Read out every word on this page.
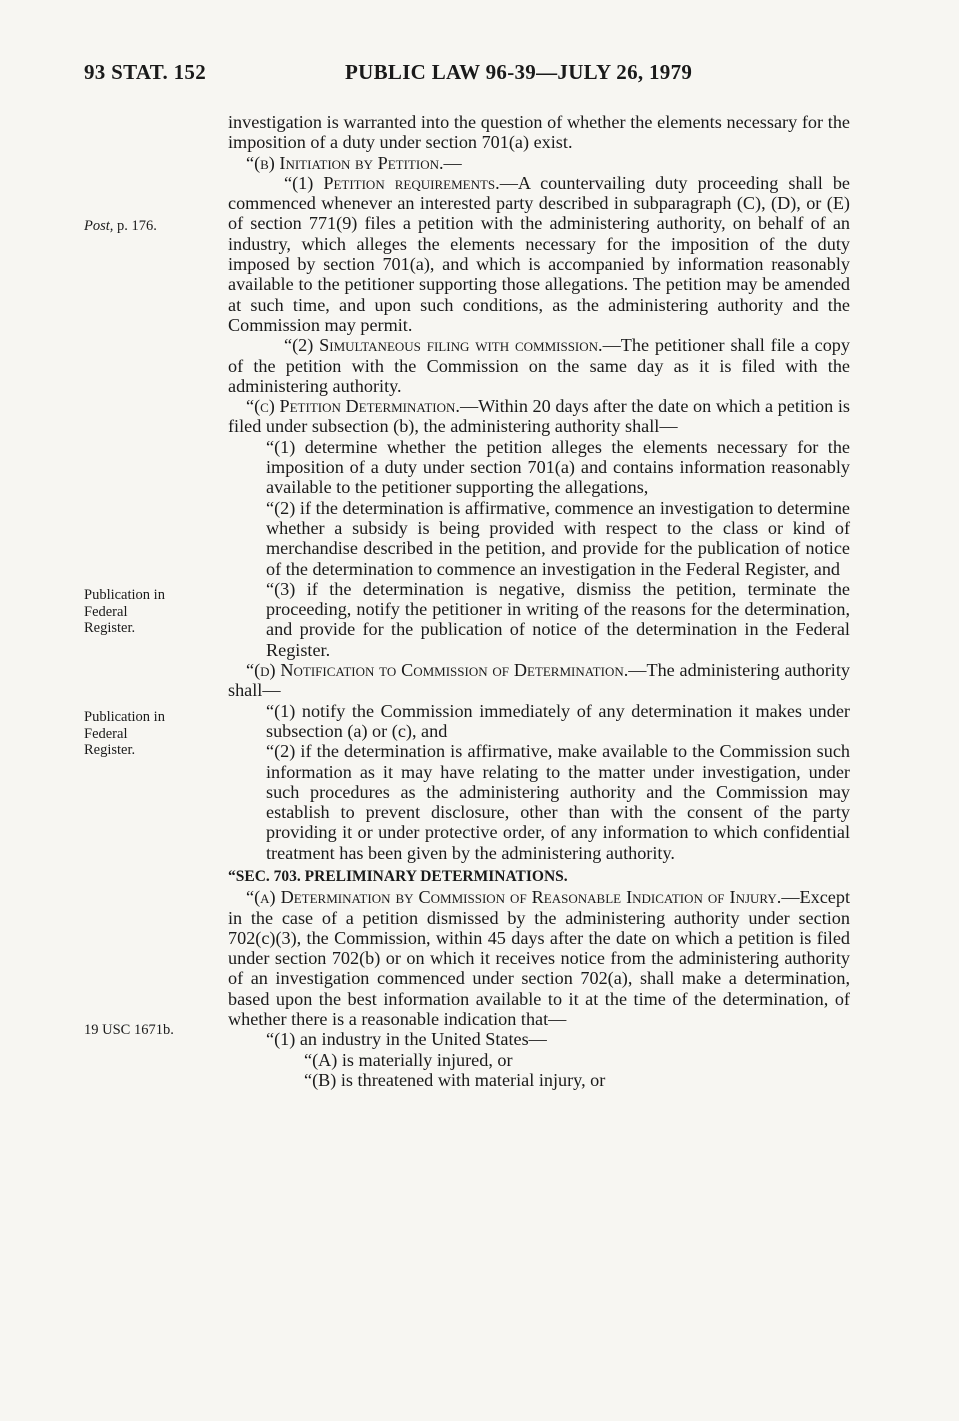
93 STAT. 152	PUBLIC LAW 96-39—JULY 26, 1979
Post, p. 176.
Publication in
Federal
Register.
Publication in
Federal
Register.
19 USC 1671b.

investigation is warranted into the question of whether the elements necessary for the imposition of a duty under section 701(a) exist.

“(b) Initiation by Petition.—

“(1) Petition requirements.—A countervailing duty proceeding shall be commenced whenever an interested party described in subparagraph (C), (D), or (E) of section 771(9) files a petition with the administering authority, on behalf of an industry, which alleges the elements necessary for the imposition of the duty imposed by section 701(a), and which is accompanied by information reasonably available to the petitioner supporting those allegations. The petition may be amended at such time, and upon such conditions, as the administering authority and the Commission may permit.

“(2) Simultaneous filing with commission.—The petitioner shall file a copy of the petition with the Commission on the same day as it is filed with the administering authority.

“(c) Petition Determination.—Within 20 days after the date on which a petition is filed under subsection (b), the administering authority shall—

“(1) determine whether the petition alleges the elements necessary for the imposition of a duty under section 701(a) and contains information reasonably available to the petitioner supporting the allegations,

“(2) if the determination is affirmative, commence an investigation to determine whether a subsidy is being provided with respect to the class or kind of merchandise described in the petition, and provide for the publication of notice of the determination to commence an investigation in the Federal Register, and

“(3) if the determination is negative, dismiss the petition, terminate the proceeding, notify the petitioner in writing of the reasons for the determination, and provide for the publication of notice of the determination in the Federal Register.

“(d) Notification to Commission of Determination.—The administering authority shall—

“(1) notify the Commission immediately of any determination it makes under subsection (a) or (c), and

“(2) if the determination is affirmative, make available to the Commission such information as it may have relating to the matter under investigation, under such procedures as the administering authority and the Commission may establish to prevent disclosure, other than with the consent of the party providing it or under protective order, of any information to which confidential treatment has been given by the administering authority.

“SEC. 703. PRELIMINARY DETERMINATIONS.

“(a) Determination by Commission of Reasonable Indication of Injury.—Except in the case of a petition dismissed by the administering authority under section 702(c)(3), the Commission, within 45 days after the date on which a petition is filed under section 702(b) or on which it receives notice from the administering authority of an investigation commenced under section 702(a), shall make a determination, based upon the best information available to it at the time of the determination, of whether there is a reasonable indication that—

“(1) an industry in the United States—

“(A) is materially injured, or

“(B) is threatened with material injury, or
